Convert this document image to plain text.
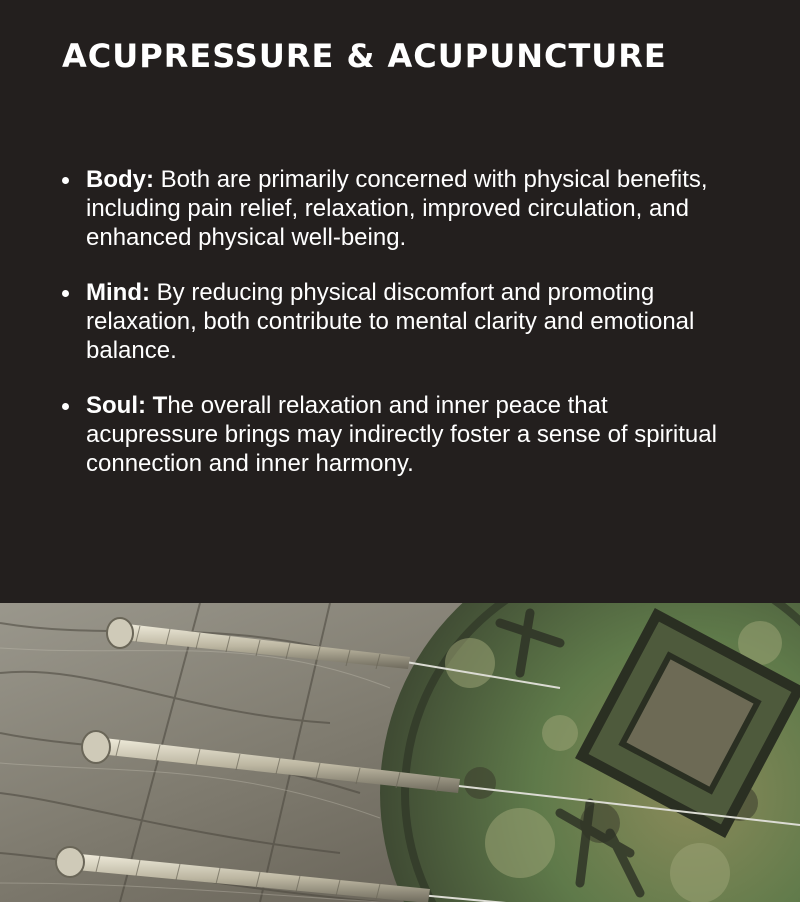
ACUPRESSURE & ACUPUNCTURE
Body: Both are primarily concerned with physical benefits, including pain relief, relaxation, improved circulation, and enhanced physical well-being.
Mind: By reducing physical discomfort and promoting relaxation, both contribute to mental clarity and emotional balance.
Soul: The overall relaxation and inner peace that acupressure brings may indirectly foster a sense of spiritual connection and inner harmony.
